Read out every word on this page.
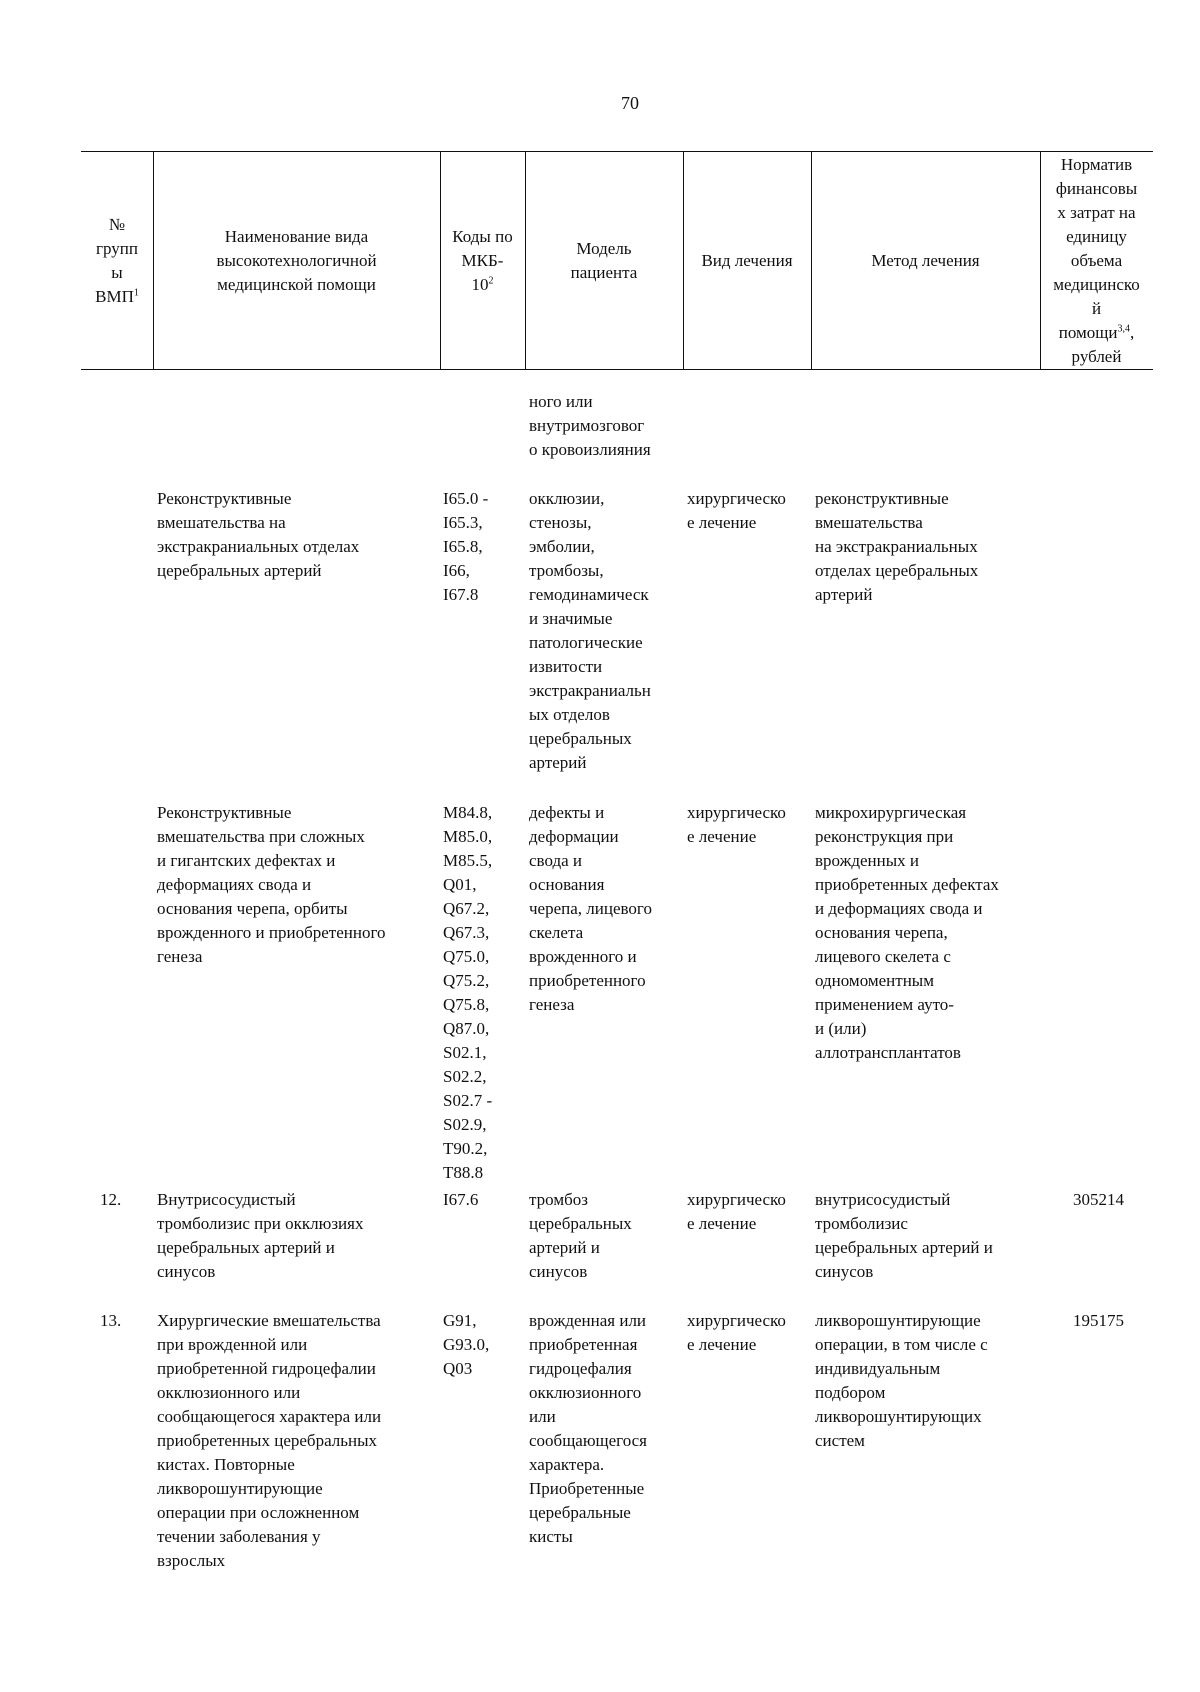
70
№
групп
ы
ВМП$^1$
Наименование вида
высокотехнологичной
медицинской помощи
Коды по
МКБ-
$10^2$
Модель
пациента
Вид лечения	Метод лечения
Норматив
финансовы
х затрат на
единицу
объема
медицинско
й
помощи$^{3,4}$,
рублей
ного или
внутримозговог
о кровоизлияния
Реконструктивные
вмешательства на
экстракраниальных отделах
церебральных артерий
I65.0 -
I65.3,
I65.8,
I66,
I67.8
окклюзии,
стенозы,
эмболии,
тромбозы,
гемодинамическ
и значимые
патологические
извитости
экстракраниальн
ых отделов
церебральных
артерий
хирургическо
е лечение
реконструктивные
вмешательства
на экстракраниальных
отделах церебральных
артерий
Реконструктивные
вмешательства при сложных
и гигантских дефектах и
деформациях свода и
основания черепа, орбиты
врожденного и приобретенного
генеза
M84.8,
M85.0,
M85.5,
Q01,
Q67.2,
Q67.3,
Q75.0,
Q75.2,
Q75.8,
Q87.0,
S02.1,
S02.2,
S02.7 -
S02.9,
T90.2,
T88.8
дефекты и
деформации
свода и
основания
черепа, лицевого
скелета
врожденного и
приобретенного
генеза
хирургическо
е лечение
микрохирургическая
реконструкция при
врожденных и
приобретенных дефектах
и деформациях свода и
основания черепа,
лицевого скелета с
одномоментным
применением ауто-
и (или)
аллотрансплантатов
12. Внутрисосудистый
тромболизис при окклюзиях
церебральных артерий и
синусов
I67.6	тромбоз
церебральных
артерий и
синусов
хирургическо
е лечение
внутрисосудистый
тромболизис
церебральных артерий и
синусов
305214
13. Хирургические вмешательства
при врожденной или
приобретенной гидроцефалии
окклюзионного или
сообщающегося характера или
приобретенных церебральных
кистах. Повторные
ликворошунтирующие
операции при осложненном
течении заболевания у
взрослых
G91,
G93.0,
Q03
врожденная или
приобретенная
гидроцефалия
окклюзионного
или
сообщающегося
характера.
Приобретенные
церебральные
кисты
хирургическо
е лечение
ликворошунтирующие
операции, в том числе с
индивидуальным
подбором
ликворошунтирующих
систем
195175
